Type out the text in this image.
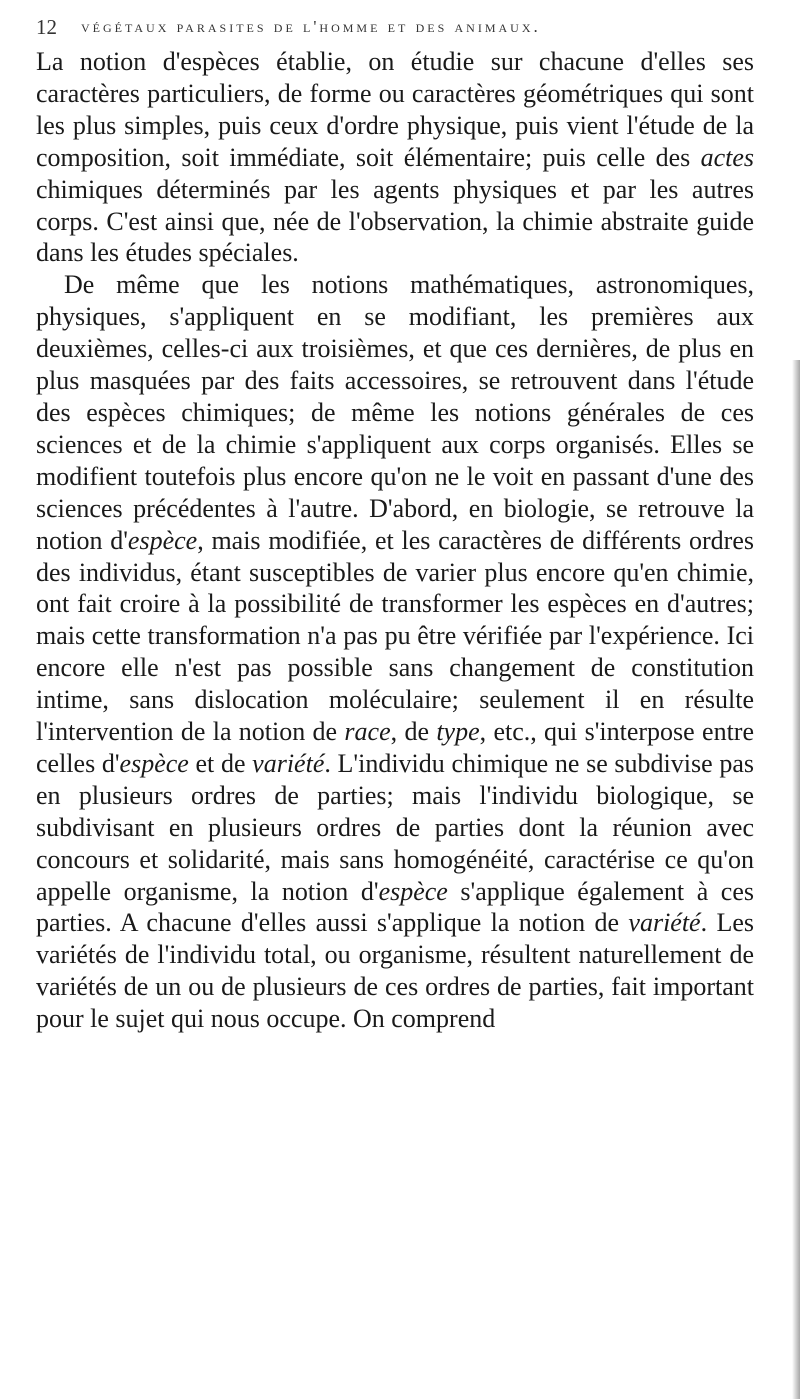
12 végétaux parasites de l'homme et des animaux.

La notion d'espèces établie, on étudie sur chacune d'elles ses caractères particuliers, de forme ou caractères géométriques qui sont les plus simples, puis ceux d'ordre physique, puis vient l'étude de la composition, soit immédiate, soit élémentaire; puis celle des actes chimiques déterminés par les agents physiques et par les autres corps. C'est ainsi que, née de l'observation, la chimie abstraite guide dans les études spéciales.

De même que les notions mathématiques, astronomiques, physiques, s'appliquent en se modifiant, les premières aux deuxièmes, celles-ci aux troisièmes, et que ces dernières, de plus en plus masquées par des faits accessoires, se retrouvent dans l'étude des espèces chimiques; de même les notions générales de ces sciences et de la chimie s'appliquent aux corps organisés. Elles se modifient toutefois plus encore qu'on ne le voit en passant d'une des sciences précédentes à l'autre. D'abord, en biologie, se retrouve la notion d'espèce, mais modifiée, et les caractères de différents ordres des individus, étant susceptibles de varier plus encore qu'en chimie, ont fait croire à la possibilité de transformer les espèces en d'autres; mais cette transformation n'a pas pu être vérifiée par l'expérience. Ici encore elle n'est pas possible sans changement de constitution intime, sans dislocation moléculaire; seulement il en résulte l'intervention de la notion de race, de type, etc., qui s'interpose entre celles d'espèce et de variété. L'individu chimique ne se subdivise pas en plusieurs ordres de parties; mais l'individu biologique, se subdivisant en plusieurs ordres de parties dont la réunion avec concours et solidarité, mais sans homogénéité, caractérise ce qu'on appelle organisme, la notion d'espèce s'applique également à ces parties. A chacune d'elles aussi s'applique la notion de variété. Les variétés de l'individu total, ou organisme, résultent naturellement de variétés de un ou de plusieurs de ces ordres de parties, fait important pour le sujet qui nous occupe. On comprend
